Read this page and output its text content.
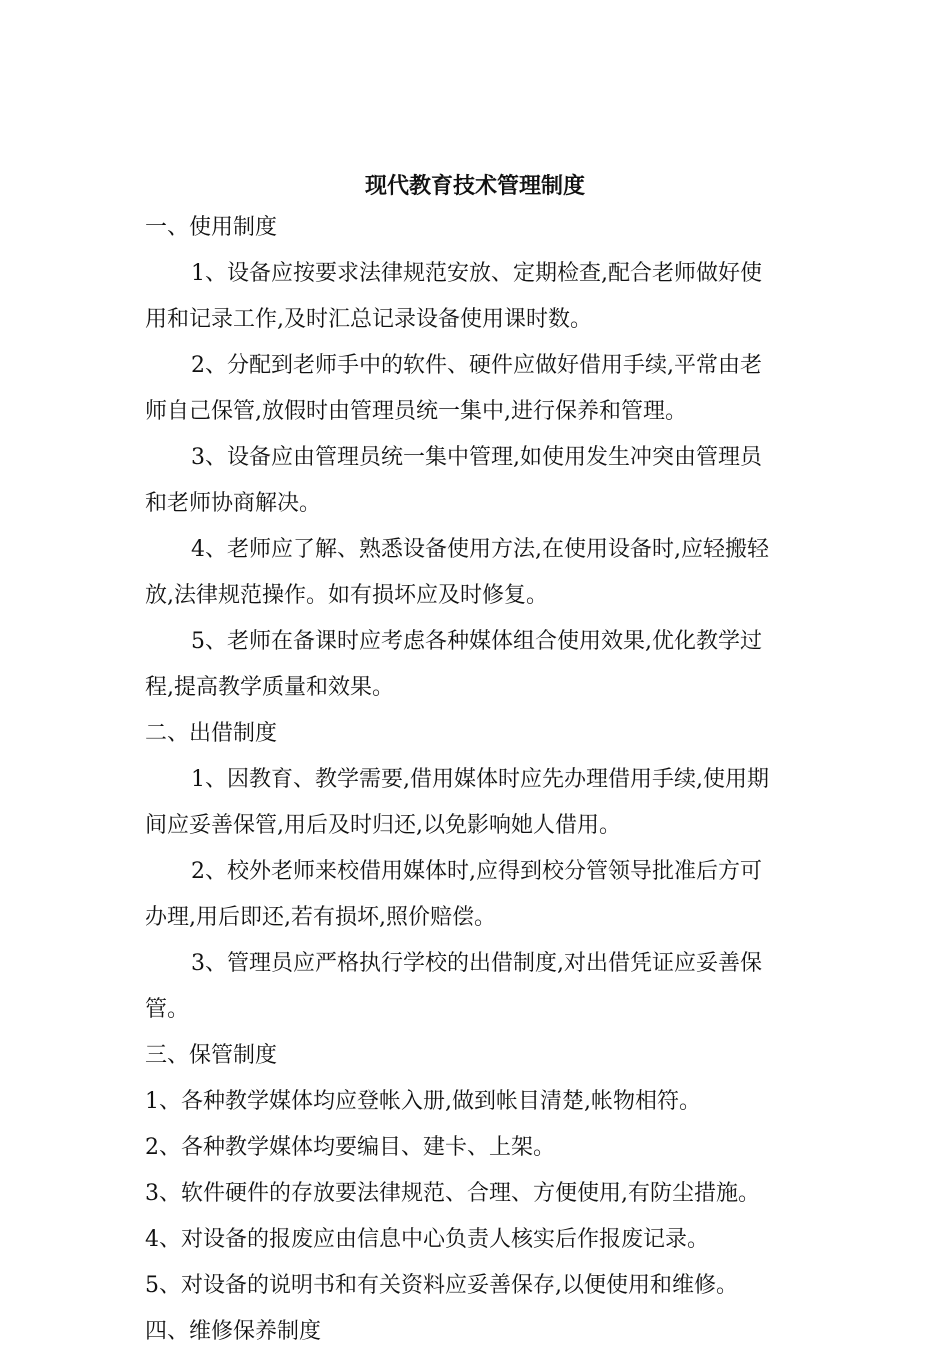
现代教育技术管理制度
一、使用制度
1、设备应按要求法律规范安放、定期检查,配合老师做好使
用和记录工作,及时汇总记录设备使用课时数。
2、分配到老师手中的软件、硬件应做好借用手续,平常由老
师自己保管,放假时由管理员统一集中,进行保养和管理。
3、设备应由管理员统一集中管理,如使用发生冲突由管理员
和老师协商解决。
4、老师应了解、熟悉设备使用方法,在使用设备时,应轻搬轻
放,法律规范操作。如有损坏应及时修复。
5、老师在备课时应考虑各种媒体组合使用效果,优化教学过
程,提高教学质量和效果。
二、出借制度
1、因教育、教学需要,借用媒体时应先办理借用手续,使用期
间应妥善保管,用后及时归还,以免影响她人借用。
2、校外老师来校借用媒体时,应得到校分管领导批准后方可
办理,用后即还,若有损坏,照价赔偿。
3、管理员应严格执行学校的出借制度,对出借凭证应妥善保
管。
三、保管制度
1、各种教学媒体均应登帐入册,做到帐目清楚,帐物相符。
2、各种教学媒体均要编目、建卡、上架。
3、软件硬件的存放要法律规范、合理、方便使用,有防尘措施。
4、对设备的报废应由信息中心负责人核实后作报废记录。
5、对设备的说明书和有关资料应妥善保存,以便使用和维修。
四、维修保养制度
